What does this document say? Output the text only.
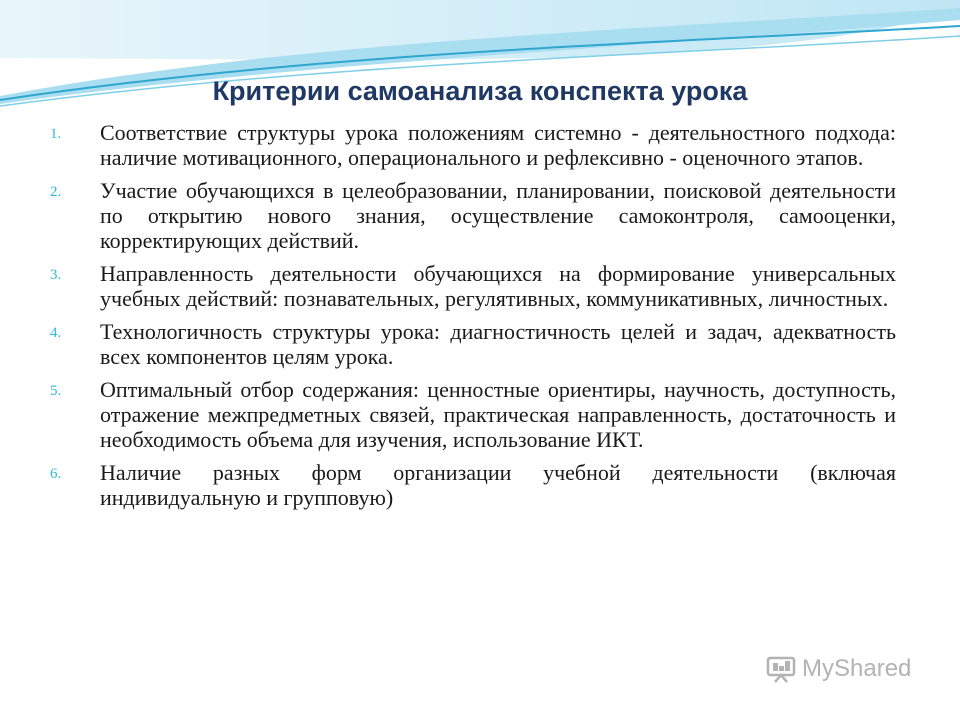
Критерии самоанализа конспекта урока
1.	Соответствие структуры урока положениям системно - деятельностного подхода: наличие мотивационного, операционального и рефлексивно - оценочного этапов.
2.	Участие обучающихся в целеобразовании, планировании, поисковой деятельности по открытию нового знания, осуществление самоконтроля, самооценки, корректирующих действий.
3.	Направленность деятельности обучающихся на формирование универсальных учебных действий: познавательных, регулятивных, коммуникативных, личностных.
4.	Технологичность структуры урока: диагностичность целей и задач, адекватность всех компонентов целям урока.
5.	Оптимальный отбор содержания: ценностные ориентиры, научность, доступность, отражение межпредметных связей, практическая направленность, достаточность и необходимость объема для изучения, использование ИКТ.
6.	Наличие разных форм организации учебной деятельности (включая индивидуальную и групповую)
MyShared
